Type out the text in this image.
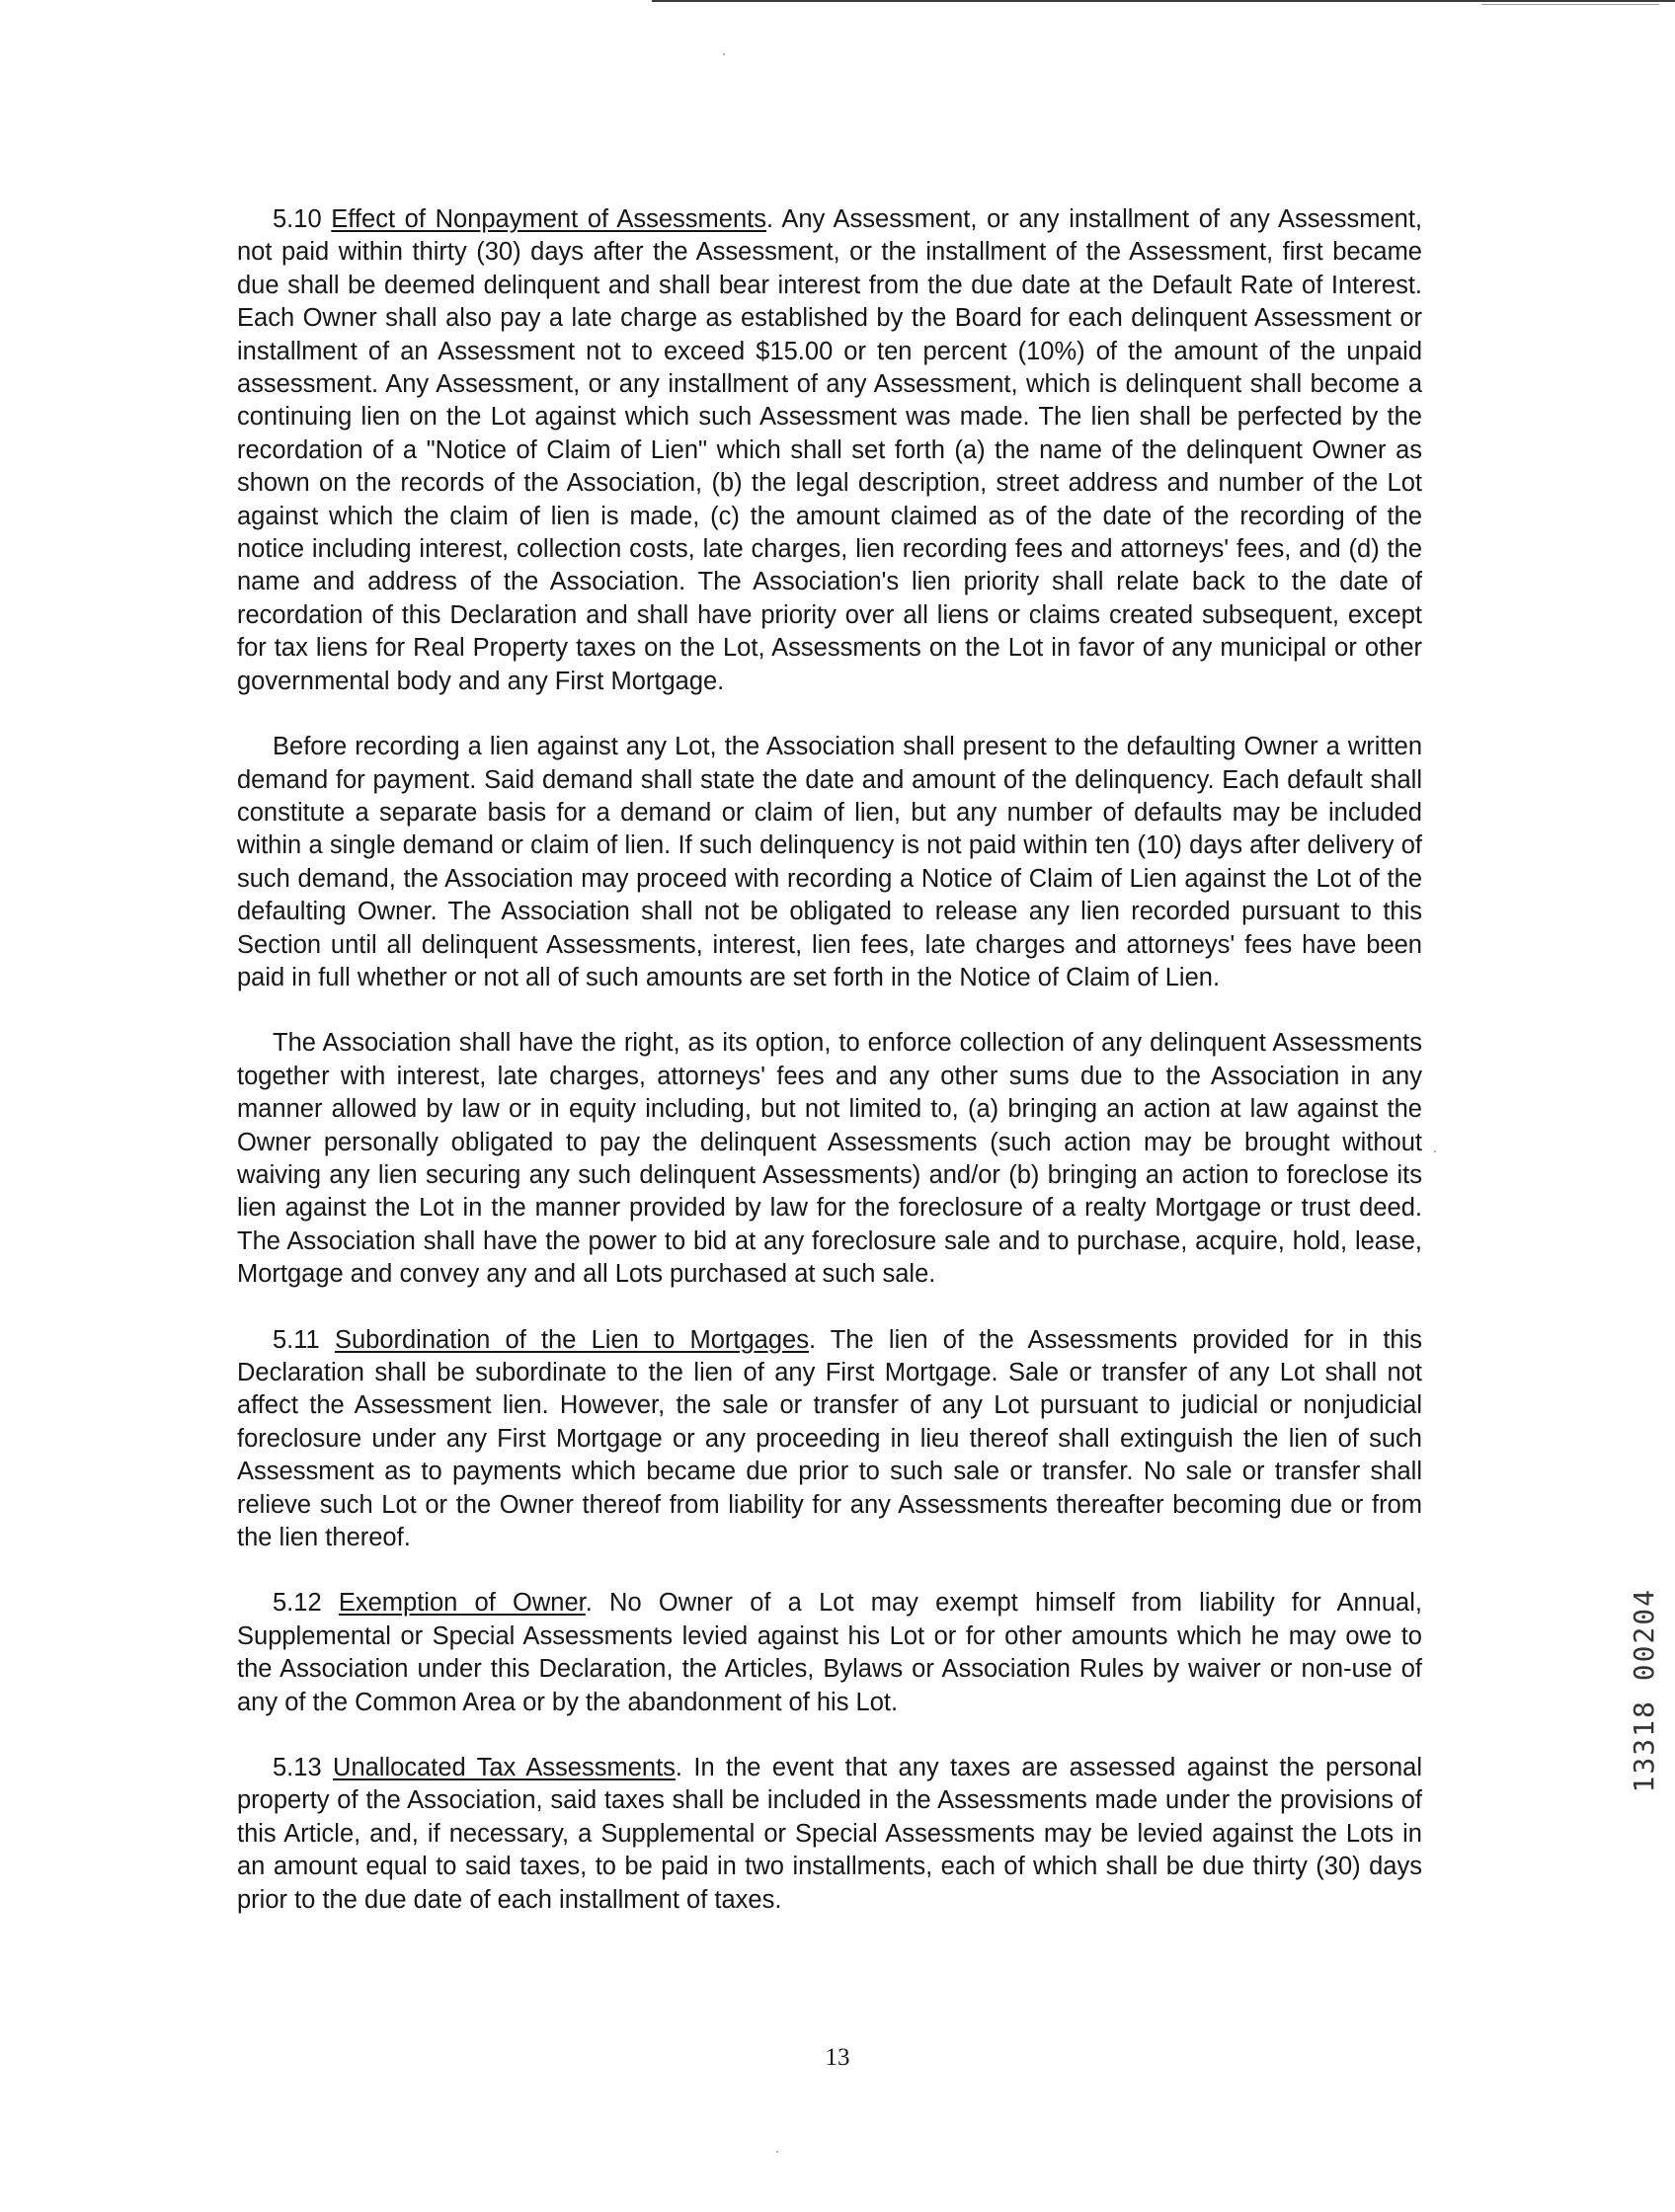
5.10 Effect of Nonpayment of Assessments. Any Assessment, or any installment of any Assessment, not paid within thirty (30) days after the Assessment, or the installment of the Assessment, first became due shall be deemed delinquent and shall bear interest from the due date at the Default Rate of Interest. Each Owner shall also pay a late charge as established by the Board for each delinquent Assessment or installment of an Assessment not to exceed $15.00 or ten percent (10%) of the amount of the unpaid assessment. Any Assessment, or any installment of any Assessment, which is delinquent shall become a continuing lien on the Lot against which such Assessment was made. The lien shall be perfected by the recordation of a "Notice of Claim of Lien" which shall set forth (a) the name of the delinquent Owner as shown on the records of the Association, (b) the legal description, street address and number of the Lot against which the claim of lien is made, (c) the amount claimed as of the date of the recording of the notice including interest, collection costs, late charges, lien recording fees and attorneys' fees, and (d) the name and address of the Association. The Association's lien priority shall relate back to the date of recordation of this Declaration and shall have priority over all liens or claims created subsequent, except for tax liens for Real Property taxes on the Lot, Assessments on the Lot in favor of any municipal or other governmental body and any First Mortgage.

Before recording a lien against any Lot, the Association shall present to the defaulting Owner a written demand for payment. Said demand shall state the date and amount of the delinquency. Each default shall constitute a separate basis for a demand or claim of lien, but any number of defaults may be included within a single demand or claim of lien. If such delinquency is not paid within ten (10) days after delivery of such demand, the Association may proceed with recording a Notice of Claim of Lien against the Lot of the defaulting Owner. The Association shall not be obligated to release any lien recorded pursuant to this Section until all delinquent Assessments, interest, lien fees, late charges and attorneys' fees have been paid in full whether or not all of such amounts are set forth in the Notice of Claim of Lien.

The Association shall have the right, as its option, to enforce collection of any delinquent Assessments together with interest, late charges, attorneys' fees and any other sums due to the Association in any manner allowed by law or in equity including, but not limited to, (a) bringing an action at law against the Owner personally obligated to pay the delinquent Assessments (such action may be brought without waiving any lien securing any such delinquent Assessments) and/or (b) bringing an action to foreclose its lien against the Lot in the manner provided by law for the foreclosure of a realty Mortgage or trust deed. The Association shall have the power to bid at any foreclosure sale and to purchase, acquire, hold, lease, Mortgage and convey any and all Lots purchased at such sale.

5.11 Subordination of the Lien to Mortgages. The lien of the Assessments provided for in this Declaration shall be subordinate to the lien of any First Mortgage. Sale or transfer of any Lot shall not affect the Assessment lien. However, the sale or transfer of any Lot pursuant to judicial or nonjudicial foreclosure under any First Mortgage or any proceeding in lieu thereof shall extinguish the lien of such Assessment as to payments which became due prior to such sale or transfer. No sale or transfer shall relieve such Lot or the Owner thereof from liability for any Assessments thereafter becoming due or from the lien thereof.

5.12 Exemption of Owner. No Owner of a Lot may exempt himself from liability for Annual, Supplemental or Special Assessments levied against his Lot or for other amounts which he may owe to the Association under this Declaration, the Articles, Bylaws or Association Rules by waiver or non-use of any of the Common Area or by the abandonment of his Lot.

5.13 Unallocated Tax Assessments. In the event that any taxes are assessed against the personal property of the Association, said taxes shall be included in the Assessments made under the provisions of this Article, and, if necessary, a Supplemental or Special Assessments may be levied against the Lots in an amount equal to said taxes, to be paid in two installments, each of which shall be due thirty (30) days prior to the due date of each installment of taxes.

13
13318 00204
